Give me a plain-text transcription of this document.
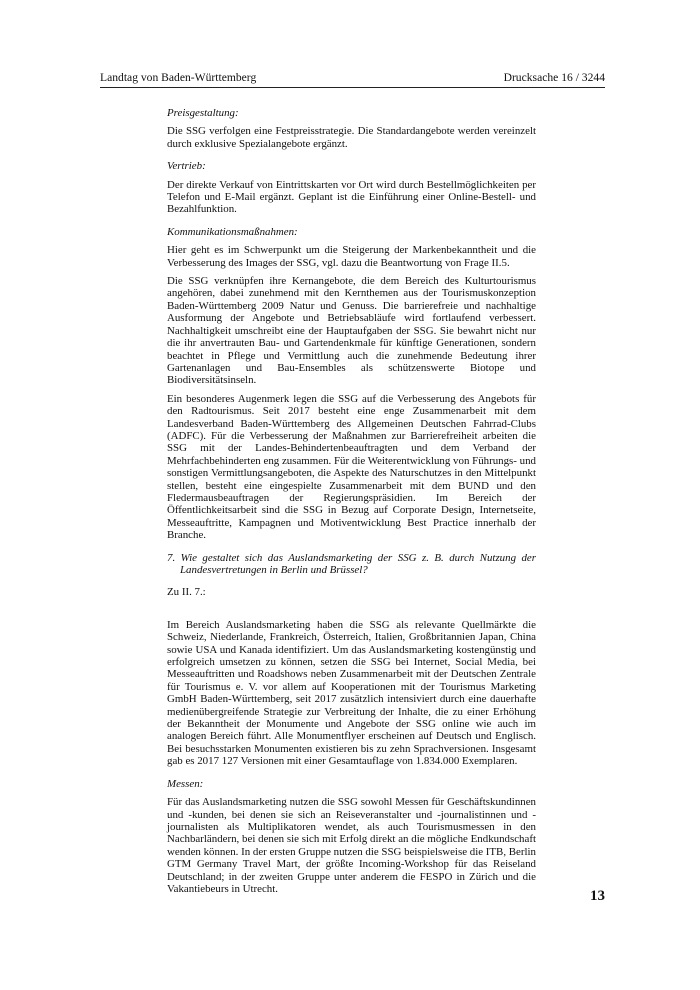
Landtag von Baden-Württemberg	Drucksache 16 / 3244

Preisgestaltung:

Die SSG verfolgen eine Festpreisstrategie. Die Standardangebote werden vereinzelt durch exklusive Spezialangebote ergänzt.

Vertrieb:

Der direkte Verkauf von Eintrittskarten vor Ort wird durch Bestellmöglichkeiten per Telefon und E-Mail ergänzt. Geplant ist die Einführung einer Online-Bestell- und Bezahlfunktion.

Kommunikationsmaßnahmen:

Hier geht es im Schwerpunkt um die Steigerung der Markenbekanntheit und die Verbesserung des Images der SSG, vgl. dazu die Beantwortung von Frage II.5.

Die SSG verknüpfen ihre Kernangebote, die dem Bereich des Kulturtourismus angehören, dabei zunehmend mit den Kernthemen aus der Tourismuskonzeption Baden-Württemberg 2009 Natur und Genuss. Die barrierefreie und nachhaltige Ausformung der Angebote und Betriebsabläufe wird fortlaufend verbessert. Nachhaltigkeit umschreibt eine der Hauptaufgaben der SSG. Sie bewahrt nicht nur die ihr anvertrauten Bau- und Gartendenkmale für künftige Generationen, sondern beachtet in Pflege und Vermittlung auch die zunehmende Bedeutung ihrer Gartenanlagen und Bau-Ensembles als schützenswerte Biotope und Biodiversitätsinseln.

Ein besonderes Augenmerk legen die SSG auf die Verbesserung des Angebots für den Radtourismus. Seit 2017 besteht eine enge Zusammenarbeit mit dem Landesverband Baden-Württemberg des Allgemeinen Deutschen Fahrrad-Clubs (ADFC). Für die Verbesserung der Maßnahmen zur Barrierefreiheit arbeiten die SSG mit der Landes-Behindertenbeauftragten und dem Verband der Mehrfachbehinderten eng zusammen. Für die Weiterentwicklung von Führungs- und sonstigen Vermittlungsangeboten, die Aspekte des Naturschutzes in den Mittelpunkt stellen, besteht eine eingespielte Zusammenarbeit mit dem BUND und den Fledermausbeauftragen der Regierungspräsidien. Im Bereich der Öffentlichkeitsarbeit sind die SSG in Bezug auf Corporate Design, Internetseite, Messeauftritte, Kampagnen und Motiventwicklung Best Practice innerhalb der Branche.

7. Wie gestaltet sich das Auslandsmarketing der SSG z. B. durch Nutzung der Landesvertretungen in Berlin und Brüssel?

Zu II. 7.:

Im Bereich Auslandsmarketing haben die SSG als relevante Quellmärkte die Schweiz, Niederlande, Frankreich, Österreich, Italien, Großbritannien Japan, China sowie USA und Kanada identifiziert. Um das Auslandsmarketing kostengünstig und erfolgreich umsetzen zu können, setzen die SSG bei Internet, Social Media, bei Messeauftritten und Roadshows neben Zusammenarbeit mit der Deutschen Zentrale für Tourismus e. V. vor allem auf Kooperationen mit der Tourismus Marketing GmbH Baden-Württemberg, seit 2017 zusätzlich intensiviert durch eine dauerhafte medienübergreifende Strategie zur Verbreitung der Inhalte, die zu einer Erhöhung der Bekanntheit der Monumente und Angebote der SSG online wie auch im analogen Bereich führt. Alle Monumentflyer erscheinen auf Deutsch und Englisch. Bei besuchsstarken Monumenten existieren bis zu zehn Sprachversionen. Insgesamt gab es 2017 127 Versionen mit einer Gesamtauflage von 1.834.000 Exemplaren.

Messen:

Für das Auslandsmarketing nutzen die SSG sowohl Messen für Geschäftskundinnen und -kunden, bei denen sie sich an Reiseveranstalter und -journalistinnen und -journalisten als Multiplikatoren wendet, als auch Tourismusmessen in den Nachbarländern, bei denen sie sich mit Erfolg direkt an die mögliche Endkundschaft wenden können. In der ersten Gruppe nutzen die SSG beispielsweise die ITB, Berlin GTM Germany Travel Mart, der größte Incoming-Workshop für das Reiseland Deutschland; in der zweiten Gruppe unter anderem die FESPO in Zürich und die Vakantiebeurs in Utrecht.	13
